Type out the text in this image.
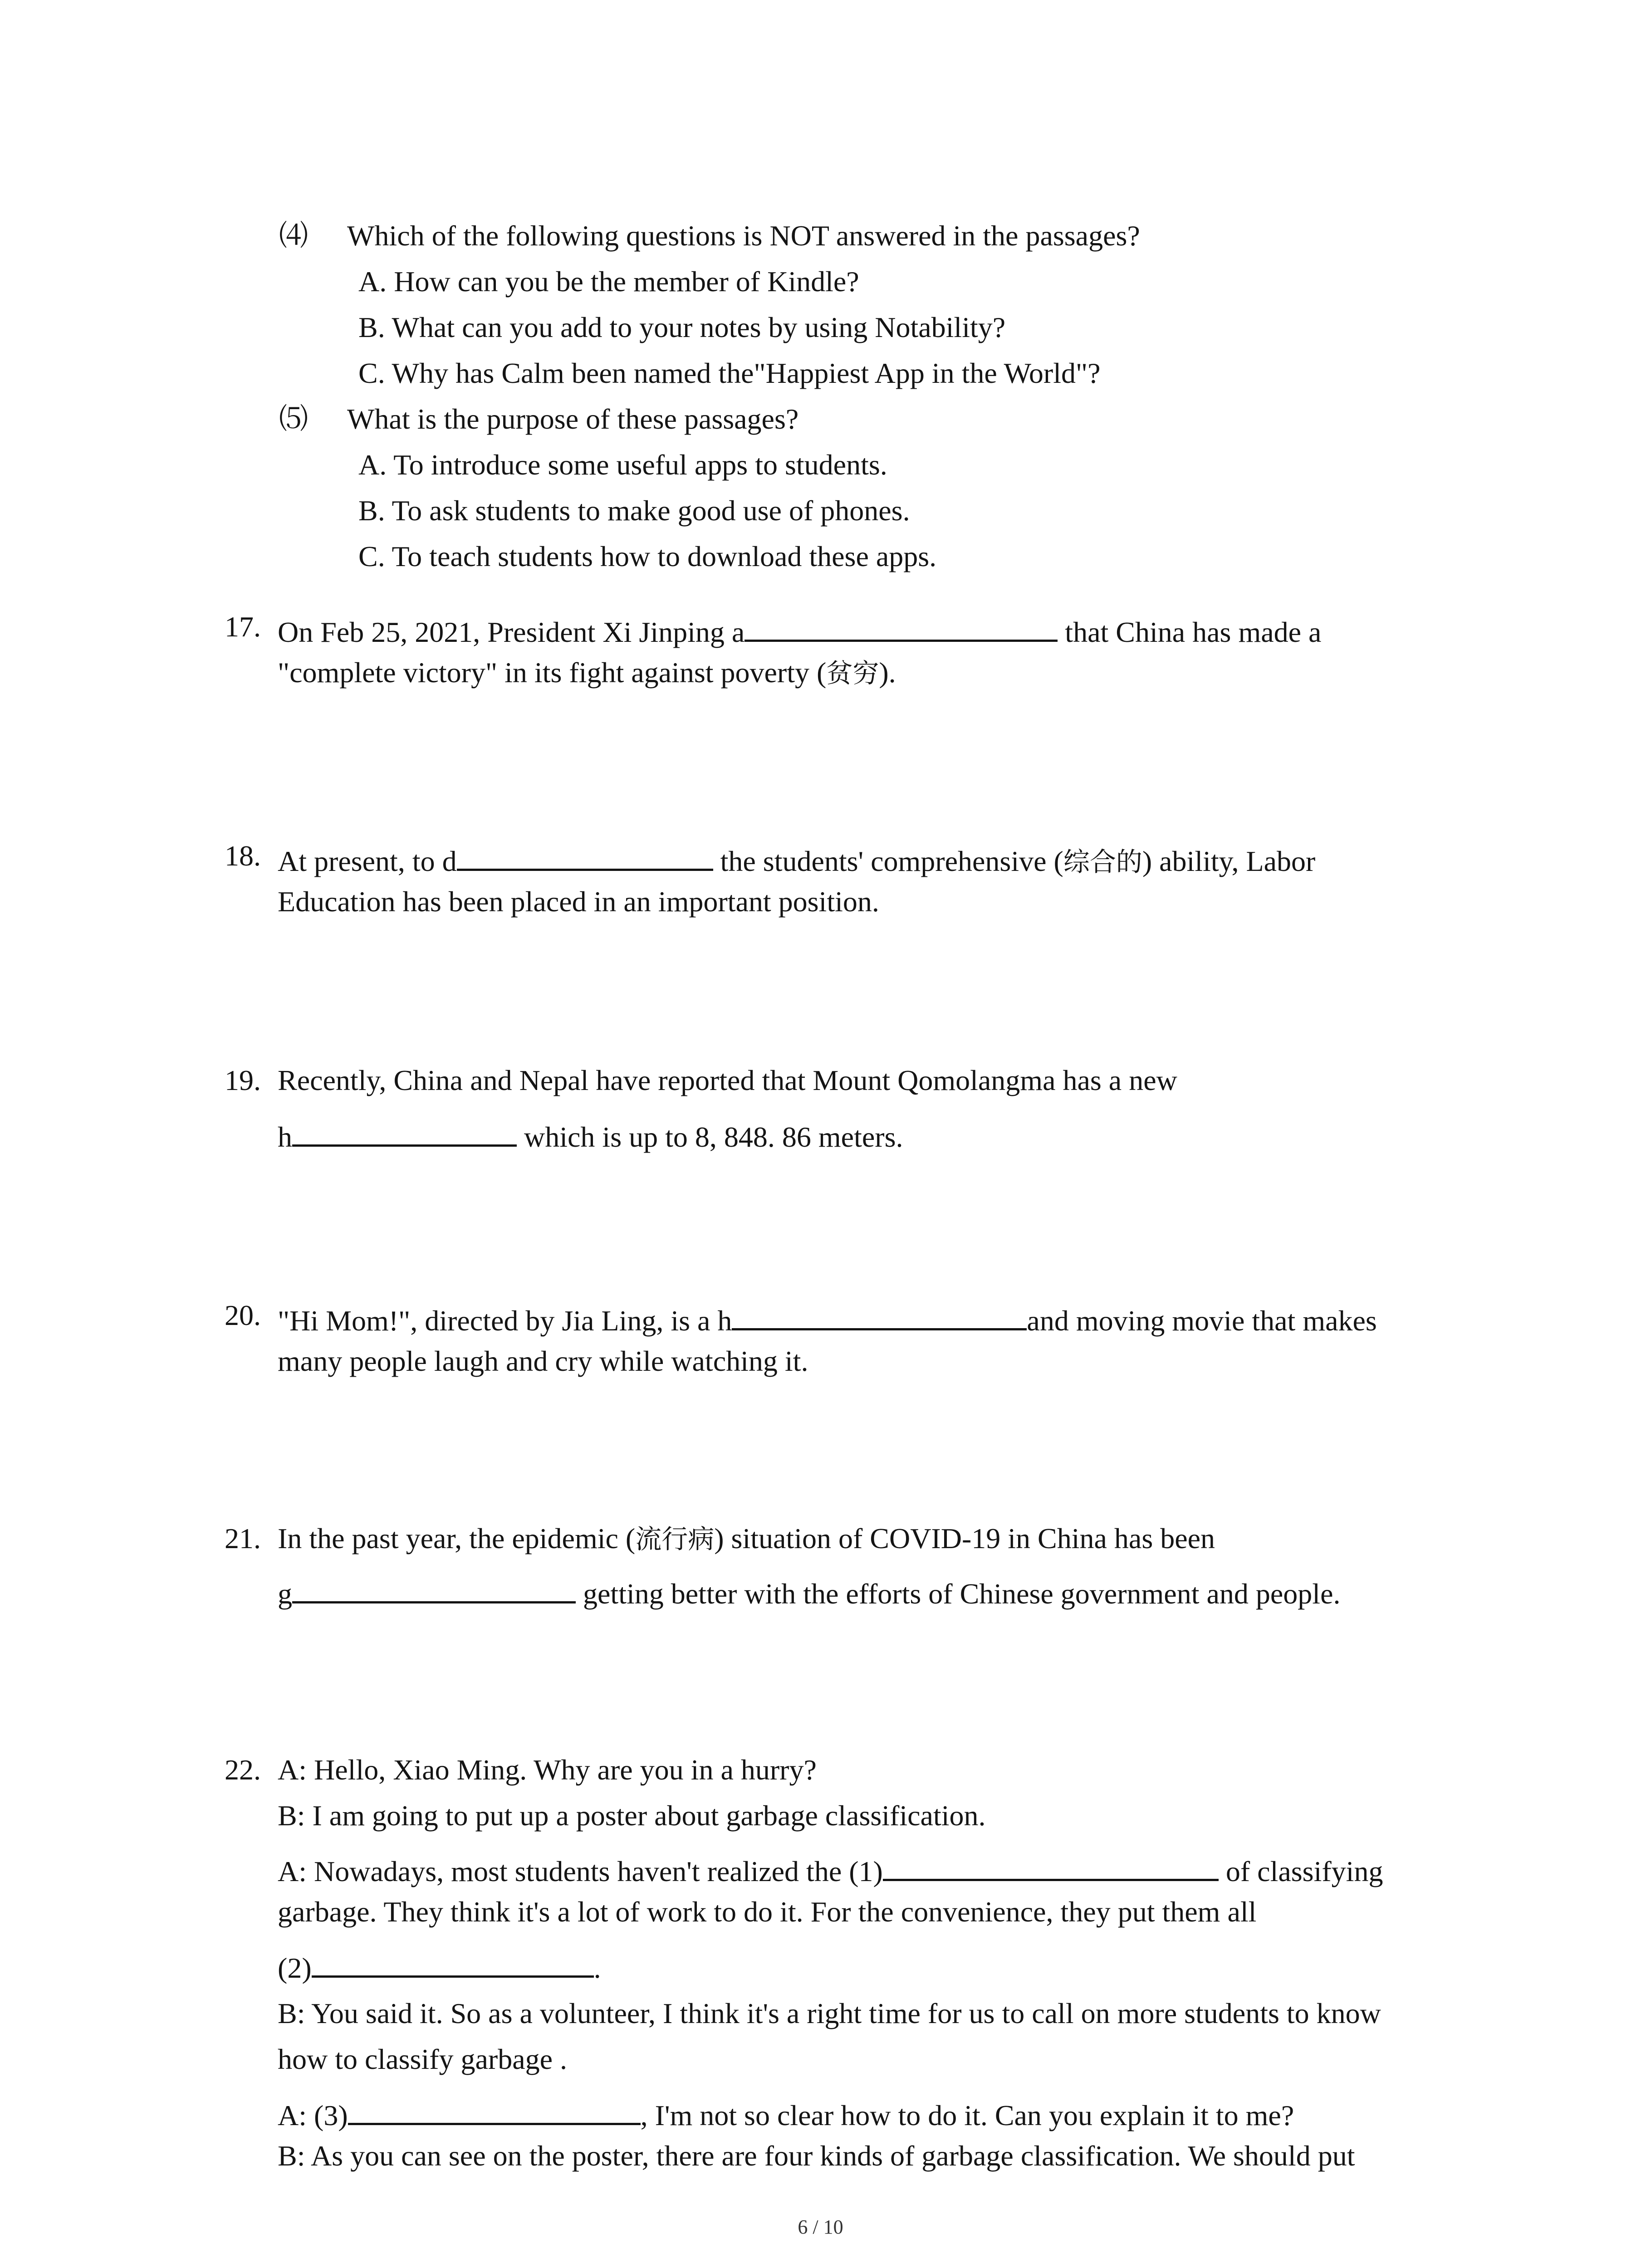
⑷ Which of the following questions is NOT answered in the passages?
A. How can you be the member of Kindle?
B. What can you add to your notes by using Notability?
C. Why has Calm been named the"Happiest App in the World"?
⑸ What is the purpose of these passages?
A. To introduce some useful apps to students.
B. To ask students to make good use of phones.
C. To teach students how to download these apps.
17. On Feb 25, 2021, President Xi Jinping a	that China has made a
"complete victory" in its fight against poverty (贫穷).
18. At present, to d	the students' comprehensive (综合的) ability, Labor
Education has been placed in an important position.
19. Recently, China and Nepal have reported that Mount Qomolangma has a new
h	which is up to 8, 848. 86 meters.
20. "Hi Mom!", directed by Jia Ling, is a h	and moving movie that makes
many people laugh and cry while watching it.
21. In the past year, the epidemic (流行病) situation of COVID-19 in China has been
g	getting better with the efforts of Chinese government and people.
22. A: Hello, Xiao Ming. Why are you in a hurry?
B: I am going to put up a poster about garbage classification.
A: Nowadays, most students haven't realized the (1)	of classifying
garbage. They think it's a lot of work to do it. For the convenience, they put them all
(2)	.
B: You said it. So as a volunteer, I think it's a right time for us to call on more students to know
how to classify garbage .
A: (3)	, I'm not so clear how to do it. Can you explain it to me?
B: As you can see on the poster, there are four kinds of garbage classification. We should put
6 / 10
